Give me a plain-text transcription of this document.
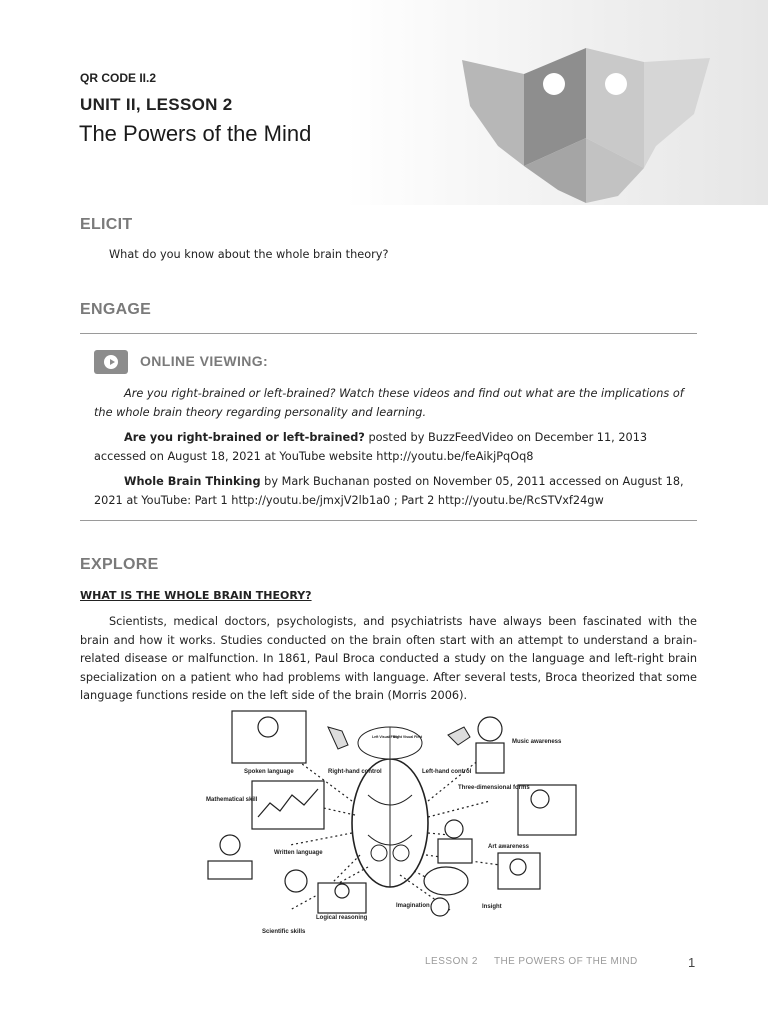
QR CODE II.2

UNIT II, LESSON 2

The Powers of the Mind
ELICIT

What do you know about the whole brain theory?

ENGAGE

ONLINE VIEWING:

Are you right-brained or left-brained? Watch these videos and find out what are the implications of the whole brain theory regarding personality and learning.

Are you right-brained or left-brained? posted by BuzzFeedVideo on December 11, 2013 accessed on August 18, 2021 at YouTube website http://youtu.be/feAikjPqOq8

Whole Brain Thinking by Mark Buchanan posted on November 05, 2011 accessed on August 18, 2021 at YouTube: Part 1 http://youtu.be/jmxjV2lb1a0 ; Part 2 http://youtu.be/RcSTVxf24gw

EXPLORE

WHAT IS THE WHOLE BRAIN THEORY?

Scientists, medical doctors, psychologists, and psychiatrists have always been fascinated with the brain and how it works. Studies conducted on the brain often start with an attempt to understand a brain-related disease or malfunction. In 1861, Paul Broca conducted a study on the language and left-right brain specialization on a patient who had problems with language. After several tests, Broca theorized that some language functions reside on the left side of the brain (Morris 2006).

Left Visual Field
Right Visual Field
Spoken language	Right-hand control	Left-hand control
Music awareness
Mathematical skill
Three-dimensional forms
Written language
Art awareness
Imagination	Insight
Logical reasoning
Scientific skills

LESSON 2 THE POWERS OF THE MIND	1
